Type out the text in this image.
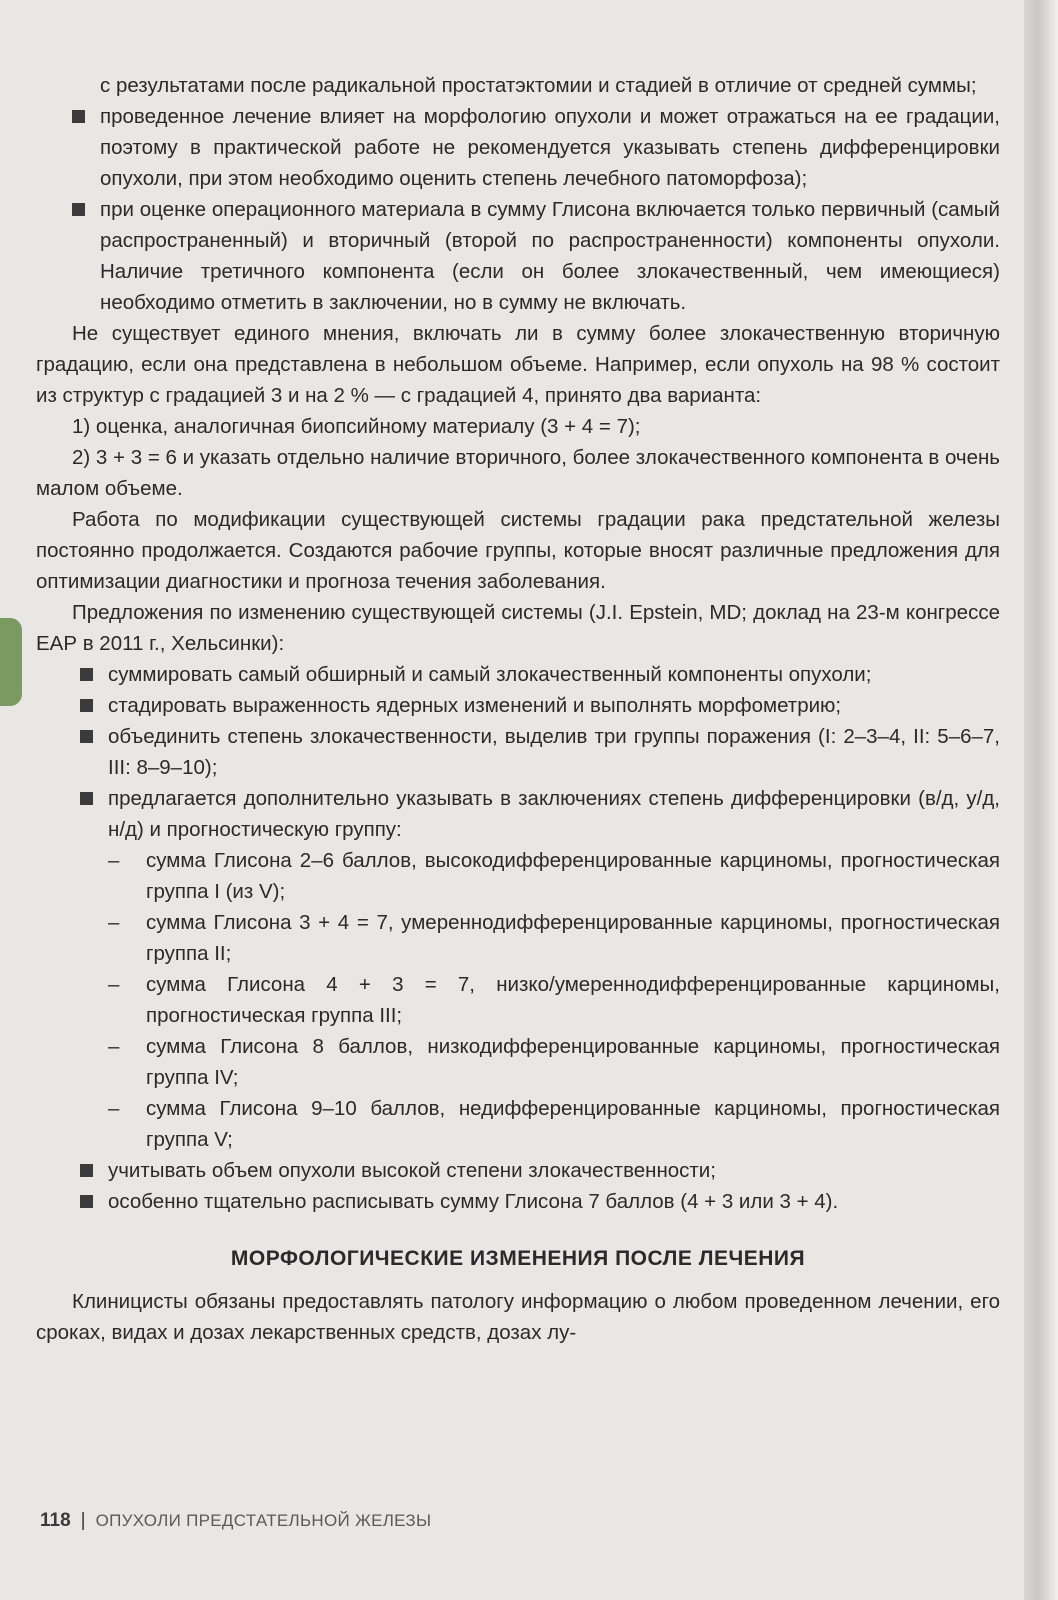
с результатами после радикальной простатэктомии и стадией в отличие от средней суммы;

проведенное лечение влияет на морфологию опухоли и может отражаться на ее градации, поэтому в практической работе не рекомендуется указывать степень дифференцировки опухоли, при этом необходимо оценить степень лечебного патоморфоза);
при оценке операционного материала в сумму Глисона включается только первичный (самый распространенный) и вторичный (второй по распространенности) компоненты опухоли. Наличие третичного компонента (если он более злокачественный, чем имеющиеся) необходимо отметить в заключении, но в сумму не включать.

Не существует единого мнения, включать ли в сумму более злокачественную вторичную градацию, если она представлена в небольшом объеме. Например, если опухоль на 98 % состоит из структур с градацией 3 и на 2 % — с градацией 4, принято два варианта:

1) оценка, аналогичная биопсийному материалу (3 + 4 = 7);

2) 3 + 3 = 6 и указать отдельно наличие вторичного, более злокачественного компонента в очень малом объеме.

Работа по модификации существующей системы градации рака предстательной железы постоянно продолжается. Создаются рабочие группы, которые вносят различные предложения для оптимизации диагностики и прогноза течения заболевания.

Предложения по изменению существующей системы (J.I. Epstein, MD; доклад на 23-м конгрессе ЕАР в 2011 г., Хельсинки):

суммировать самый обширный и самый злокачественный компоненты опухоли;
стадировать выраженность ядерных изменений и выполнять морфометрию;
объединить степень злокачественности, выделив три группы поражения (I: 2–3–4, II: 5–6–7, III: 8–9–10);
предлагается дополнительно указывать в заключениях степень дифференцировки (в/д, у/д, н/д) и прогностическую группу:
– сумма Глисона 2–6 баллов, высокодифференцированные карциномы, прогностическая группа I (из V);
– сумма Глисона 3 + 4 = 7, умереннодифференцированные карциномы, прогностическая группа II;
– сумма Глисона 4 + 3 = 7, низко/умереннодифференцированные карциномы, прогностическая группа III;
– сумма Глисона 8 баллов, низкодифференцированные карциномы, прогностическая группа IV;
– сумма Глисона 9–10 баллов, недифференцированные карциномы, прогностическая группа V;
учитывать объем опухоли высокой степени злокачественности;
особенно тщательно расписывать сумму Глисона 7 баллов (4 + 3 или 3 + 4).
МОРФОЛОГИЧЕСКИЕ ИЗМЕНЕНИЯ ПОСЛЕ ЛЕЧЕНИЯ

Клиницисты обязаны предоставлять патологу информацию о любом проведенном лечении, его сроках, видах и дозах лекарственных средств, дозах лу-

118 | ОПУХОЛИ ПРЕДСТАТЕЛЬНОЙ ЖЕЛЕЗЫ
